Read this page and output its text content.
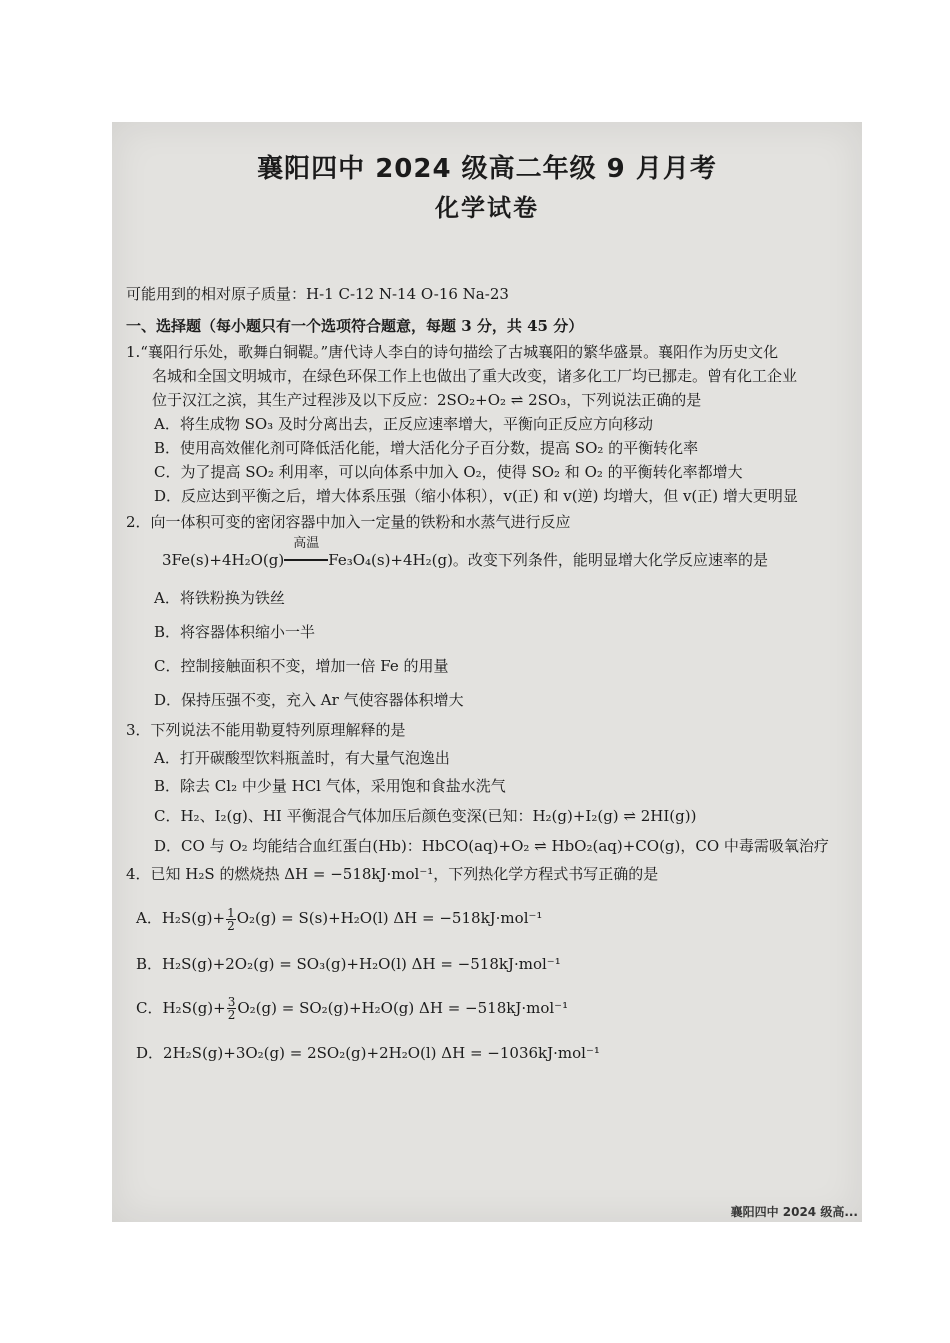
襄阳四中 2024 级高二年级 9 月月考
化学试卷
可能用到的相对原子质量：H-1 C-12 N-14 O-16 Na-23
一、选择题（每小题只有一个选项符合题意，每题 3 分，共 45 分）
1.“襄阳行乐处，歌舞白铜鞮。”唐代诗人李白的诗句描绘了古城襄阳的繁华盛景。襄阳作为历史文化
名城和全国文明城市，在绿色环保工作上也做出了重大改变，诸多化工厂均已挪走。曾有化工企业
位于汉江之滨，其生产过程涉及以下反应：2SO₂+O₂ ⇌ 2SO₃，下列说法正确的是
A．将生成物 SO₃ 及时分离出去，正反应速率增大，平衡向正反应方向移动
B．使用高效催化剂可降低活化能，增大活化分子百分数，提高 SO₂ 的平衡转化率
C．为了提高 SO₂ 利用率，可以向体系中加入 O₂，使得 SO₂ 和 O₂ 的平衡转化率都增大
D．反应达到平衡之后，增大体系压强（缩小体积），v(正) 和 v(逆) 均增大，但 v(正) 增大更明显
2．向一体积可变的密闭容器中加入一定量的铁粉和水蒸气进行反应
3Fe(s)+4H₂O(g)
高温
Fe₃O₄(s)+4H₂(g)。改变下列条件，能明显增大化学反应速率的是
A．将铁粉换为铁丝
B．将容器体积缩小一半
C．控制接触面积不变，增加一倍 Fe 的用量
D．保持压强不变，充入 Ar 气使容器体积增大
3．下列说法不能用勒夏特列原理解释的是
A．打开碳酸型饮料瓶盖时，有大量气泡逸出
B．除去 Cl₂ 中少量 HCl 气体，采用饱和食盐水洗气
C．H₂、I₂(g)、HI 平衡混合气体加压后颜色变深(已知：H₂(g)+I₂(g) ⇌ 2HI(g))
D．CO 与 O₂ 均能结合血红蛋白(Hb)：HbCO(aq)+O₂ ⇌ HbO₂(aq)+CO(g)，CO 中毒需吸氧治疗
4．已知 H₂S 的燃烧热 ΔH = −518kJ·mol⁻¹，下列热化学方程式书写正确的是
A．$H_2S(g)+ \frac{1}{2} O_2(g) = S(s)+H_2O(l) \Delta H = -518kJ\cdot mol^{-1}$
B．H₂S(g)+2O₂(g) = SO₃(g)+H₂O(l) ΔH = −518kJ·mol⁻¹
C．$H_2S(g)+ \frac{3}{2} O_2(g) = SO_2(g)+H_2O(g) \Delta H = -518kJ\cdot mol^{-1}$
D．2H₂S(g)+3O₂(g) = 2SO₂(g)+2H₂O(l) ΔH = −1036kJ·mol⁻¹
襄阳四中 2024 级高...
